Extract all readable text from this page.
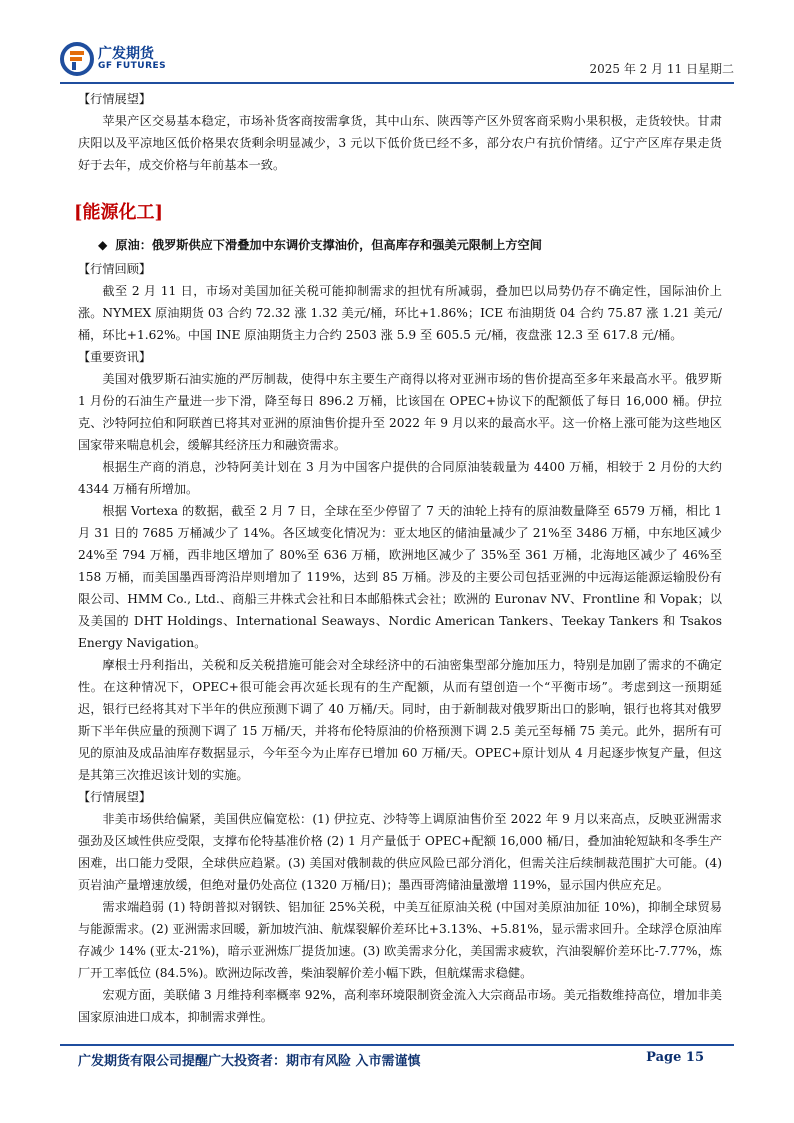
广发期货
GF FUTURES	2025 年 2 月 11 日星期二

【行情展望】

苹果产区交易基本稳定，市场补货客商按需拿货，其中山东、陕西等产区外贸客商采购小果积极，走货较快。甘肃庆阳以及平凉地区低价格果农货剩余明显减少，3 元以下低价货已经不多，部分农户有抗价情绪。辽宁产区库存果走货好于去年，成交价格与年前基本一致。

[能源化工]
◆ 原油：俄罗斯供应下滑叠加中东调价支撑油价，但高库存和强美元限制上方空间

【行情回顾】

截至 2 月 11 日，市场对美国加征关税可能抑制需求的担忧有所减弱，叠加巴以局势仍存不确定性，国际油价上涨。NYMEX 原油期货 03 合约 72.32 涨 1.32 美元/桶，环比+1.86%；ICE 布油期货 04 合约 75.87 涨 1.21 美元/桶，环比+1.62%。中国 INE 原油期货主力合约 2503 涨 5.9 至 605.5 元/桶，夜盘涨 12.3 至 617.8 元/桶。

【重要资讯】

美国对俄罗斯石油实施的严厉制裁，使得中东主要生产商得以将对亚洲市场的售价提高至多年来最高水平。俄罗斯 1 月份的石油生产量进一步下滑，降至每日 896.2 万桶，比该国在 OPEC+协议下的配额低了每日 16,000 桶。伊拉克、沙特阿拉伯和阿联酋已将其对亚洲的原油售价提升至 2022 年 9 月以来的最高水平。这一价格上涨可能为这些地区国家带来喘息机会，缓解其经济压力和融资需求。

根据生产商的消息，沙特阿美计划在 3 月为中国客户提供的合同原油装载量为 4400 万桶，相较于 2 月份的大约 4344 万桶有所增加。

根据 Vortexa 的数据，截至 2 月 7 日，全球在至少停留了 7 天的油轮上持有的原油数量降至 6579 万桶，相比 1 月 31 日的 7685 万桶减少了 14%。各区域变化情况为：亚太地区的储油量减少了 21%至 3486 万桶，中东地区减少 24%至 794 万桶，西非地区增加了 80%至 636 万桶，欧洲地区减少了 35%至 361 万桶，北海地区减少了 46%至 158 万桶，而美国墨西哥湾沿岸则增加了 119%，达到 85 万桶。涉及的主要公司包括亚洲的中远海运能源运输股份有限公司、HMM Co., Ltd.、商船三井株式会社和日本邮船株式会社；欧洲的 Euronav NV、Frontline 和 Vopak；以及美国的 DHT Holdings、International Seaways、Nordic American Tankers、Teekay Tankers 和 Tsakos Energy Navigation。

摩根士丹利指出，关税和反关税措施可能会对全球经济中的石油密集型部分施加压力，特别是加剧了需求的不确定性。在这种情况下，OPEC+很可能会再次延长现有的生产配额，从而有望创造一个“平衡市场”。考虑到这一预期延迟，银行已经将其对下半年的供应预测下调了 40 万桶/天。同时，由于新制裁对俄罗斯出口的影响，银行也将其对俄罗斯下半年供应量的预测下调了 15 万桶/天，并将布伦特原油的价格预测下调 2.5 美元至每桶 75 美元。此外，据所有可见的原油及成品油库存数据显示，今年至今为止库存已增加 60 万桶/天。OPEC+原计划从 4 月起逐步恢复产量，但这是其第三次推迟该计划的实施。

【行情展望】

非美市场供给偏紧，美国供应偏宽松：(1) 伊拉克、沙特等上调原油售价至 2022 年 9 月以来高点，反映亚洲需求强劲及区域性供应受限，支撑布伦特基准价格 (2) 1 月产量低于 OPEC+配额 16,000 桶/日，叠加油轮短缺和冬季生产困难，出口能力受限，全球供应趋紧。(3) 美国对俄制裁的供应风险已部分消化，但需关注后续制裁范围扩大可能。(4) 页岩油产量增速放缓，但绝对量仍处高位 (1320 万桶/日)；墨西哥湾储油量激增 119%，显示国内供应充足。

需求端趋弱 (1) 特朗普拟对钢铁、铝加征 25%关税，中美互征原油关税 (中国对美原油加征 10%)，抑制全球贸易与能源需求。(2) 亚洲需求回暖，新加坡汽油、航煤裂解价差环比+3.13%、+5.81%，显示需求回升。全球浮仓原油库存减少 14% (亚太-21%)，暗示亚洲炼厂提货加速。(3) 欧美需求分化，美国需求疲软，汽油裂解价差环比-7.77%，炼厂开工率低位 (84.5%)。欧洲边际改善，柴油裂解价差小幅下跌，但航煤需求稳健。

宏观方面，美联储 3 月维持利率概率 92%，高利率环境限制资金流入大宗商品市场。美元指数维持高位，增加非美国家原油进口成本，抑制需求弹性。

广发期货有限公司提醒广大投资者：期市有风险 入市需谨慎	Page 15
